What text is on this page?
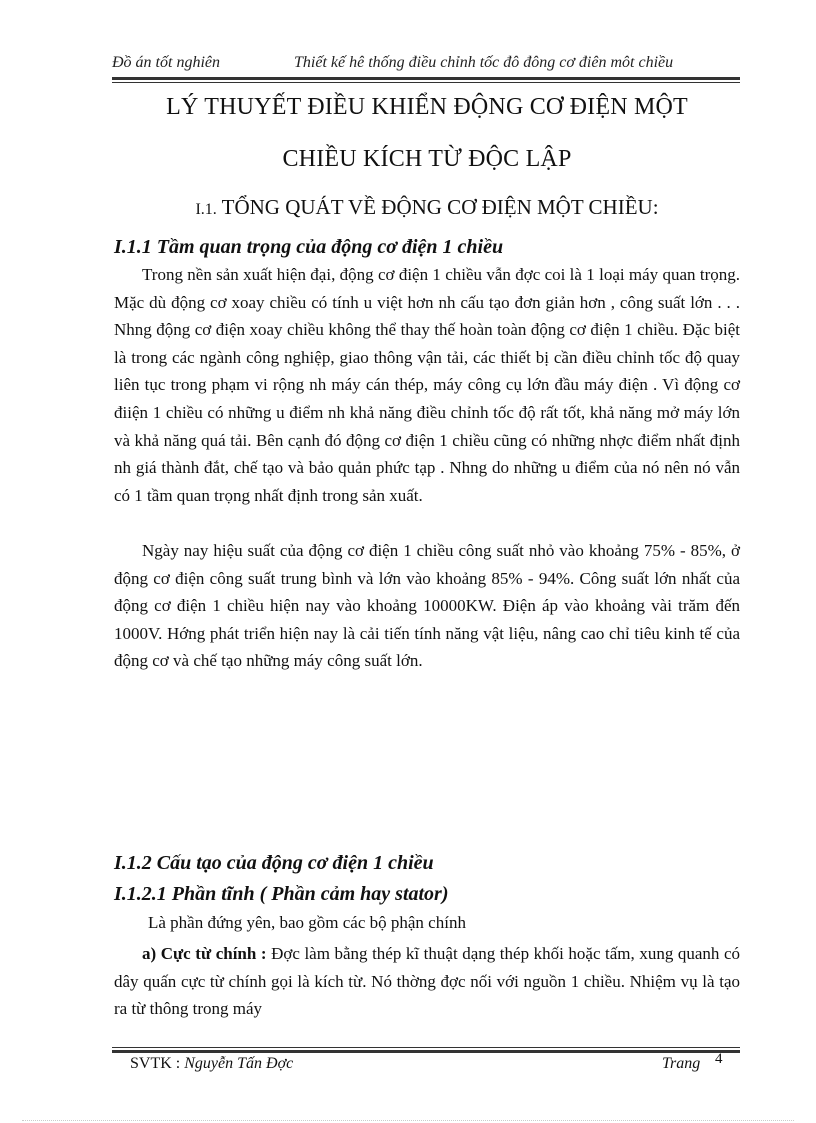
Đồ án tốt nghiên	Thiết kế hê thống điều chỉnh tốc đô đông cơ điên môt chiều
LÝ THUYẾT ĐIỀU KHIỂN ĐỘNG CƠ ĐIỆN MỘT
CHIỀU KÍCH TỪ ĐỘC LẬP
I.1. TỔNG QUÁT VỀ ĐỘNG CƠ ĐIỆN MỘT CHIỀU:
I.1.1 Tầm quan trọng của động cơ điện 1 chiều

Trong nền sản xuất hiện đại, động cơ điện 1 chiều vẫn đợc coi là 1 loại máy quan trọng. Mặc dù động cơ xoay chiều có tính u việt hơn nh cấu tạo đơn giản hơn , công suất lớn . . . Nhng động cơ điện xoay chiều không thể thay thế hoàn toàn động cơ điện 1 chiều. Đặc biệt là trong các ngành công nghiệp, giao thông vận tải, các thiết bị cần điều chỉnh tốc độ quay liên tục trong phạm vi rộng nh máy cán thép, máy công cụ lớn đầu máy điện . Vì động cơ điiện 1 chiều có những u điểm nh khả năng điều chỉnh tốc độ rất tốt, khả năng mở máy lớn và khả năng quá tải. Bên cạnh đó động cơ điện 1 chiều cũng có những nhợc điểm nhất định nh giá thành đắt, chế tạo và bảo quản phức tạp . Nhng do những u điểm của nó nên nó vẫn có 1 tầm quan trọng nhất định trong sản xuất.

Ngày nay hiệu suất của động cơ điện 1 chiều công suất nhỏ vào khoảng 75% - 85%, ở động cơ điện công suất trung bình và lớn vào khoảng 85% - 94%. Công suất lớn nhất của động cơ điện 1 chiều hiện nay vào khoảng 10000KW. Điện áp vào khoảng vài trăm đến 1000V. Hớng phát triển hiện nay là cải tiến tính năng vật liệu, nâng cao chỉ tiêu kinh tế của động cơ và chế tạo những máy công suất lớn.

I.1.2 Cấu tạo của động cơ điện 1 chiều
I.1.2.1 Phần tĩnh ( Phần cảm hay stator)
Là phần đứng yên, bao gồm các bộ phận chính

a) Cực từ chính : Đợc làm bằng thép kĩ thuật dạng thép khối hoặc tấm, xung quanh có dây quấn cực từ chính gọi là kích từ. Nó thờng đợc nối với nguồn 1 chiều. Nhiệm vụ là tạo ra từ thông trong máy

SVTK : Nguyễn Tấn Đợc	Trang 4
